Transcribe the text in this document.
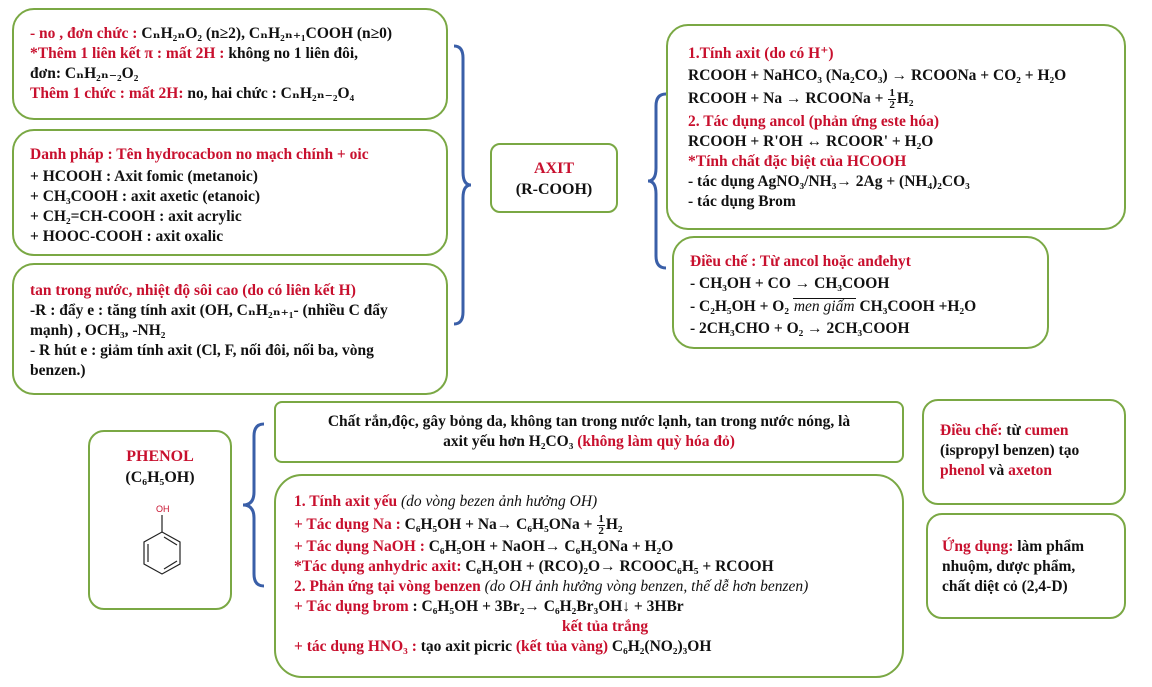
- no , đơn chức : CₙH₂ₙO₂ (n≥2), CₙH₂ₙ₊₁COOH (n≥0)
*Thêm 1 liên kết π : mất 2H : không no 1 liên đôi,
đơn: CₙH₂ₙ₋₂O₂
Thêm 1 chức : mất 2H: no, hai chức : CₙH₂ₙ₋₂O₄
Danh pháp : Tên hydrocacbon no mạch chính + oic
+ HCOOH : Axit fomic (metanoic)
+ CH₃COOH : axit axetic (etanoic)
+ CH₂=CH-COOH : axit acrylic
+ HOOC-COOH : axit oxalic
tan trong nước, nhiệt độ sôi cao (do có liên kết H)
-R : đẩy e : tăng tính axit (OH, CₙH₂ₙ₊₁- (nhiều C đẩy
mạnh) , OCH₃, -NH₂
- R hút e : giảm tính axit (Cl, F, nối đôi, nối ba, vòng
benzen.)
AXIT
(R-COOH)
1.Tính axit (do có H⁺)
RCOOH + NaHCO₃ (Na₂CO₃) → RCOONa + CO₂ + H₂O
RCOOH + Na → RCOONa + $\frac{1}{2} H_2$
2. Tác dụng ancol (phản ứng este hóa)
RCOOH + R'OH ↔ RCOOR' + H₂O
*Tính chất đặc biệt của HCOOH
- tác dụng AgNO₃/NH₃→ 2Ag + (NH₄)₂CO₃
- tác dụng Brom
Điều chế : Từ ancol hoặc anđehyt
- CH₃OH + CO → CH₃COOH
- C₂H₅OH + O₂ men giấm CH₃COOH +H₂O
- 2CH₃CHO + O₂ → 2CH₃COOH
PHENOL
(C₆H₅OH)
OH
Chất rắn,độc, gây bỏng da, không tan trong nước lạnh, tan trong nước nóng, là
axit yếu hơn H₂CO₃ (không làm quỳ hóa đỏ)
1. Tính axit yếu (do vòng bezen ảnh hưởng OH)
+ Tác dụng Na : $C_6H_5OH + Na\to C_6H_5ONa + \frac{1}{2} H_2$
+ Tác dụng NaOH : C₆H₅OH + NaOH→ C₆H₅ONa + H₂O
*Tác dụng anhydric axit: C₆H₅OH + (RCO)₂O→ RCOOC₆H₅ + RCOOH
2. Phản ứng tại vòng benzen (do OH ảnh hưởng vòng benzen, thế dễ hơn benzen)
+ Tác dụng brom : C₆H₅OH + 3Br₂→ C₆H₂Br₃OH↓ + 3HBr
kết tủa trắng
+ tác dụng HNO₃ : tạo axit picric (kết tủa vàng) C₆H₂(NO₂)₃OH
Điều chế: từ cumen
(ispropyl benzen) tạo
phenol và axeton
Ứng dụng: làm phẩm
nhuộm, dược phẩm,
chất diệt cỏ (2,4-D)
